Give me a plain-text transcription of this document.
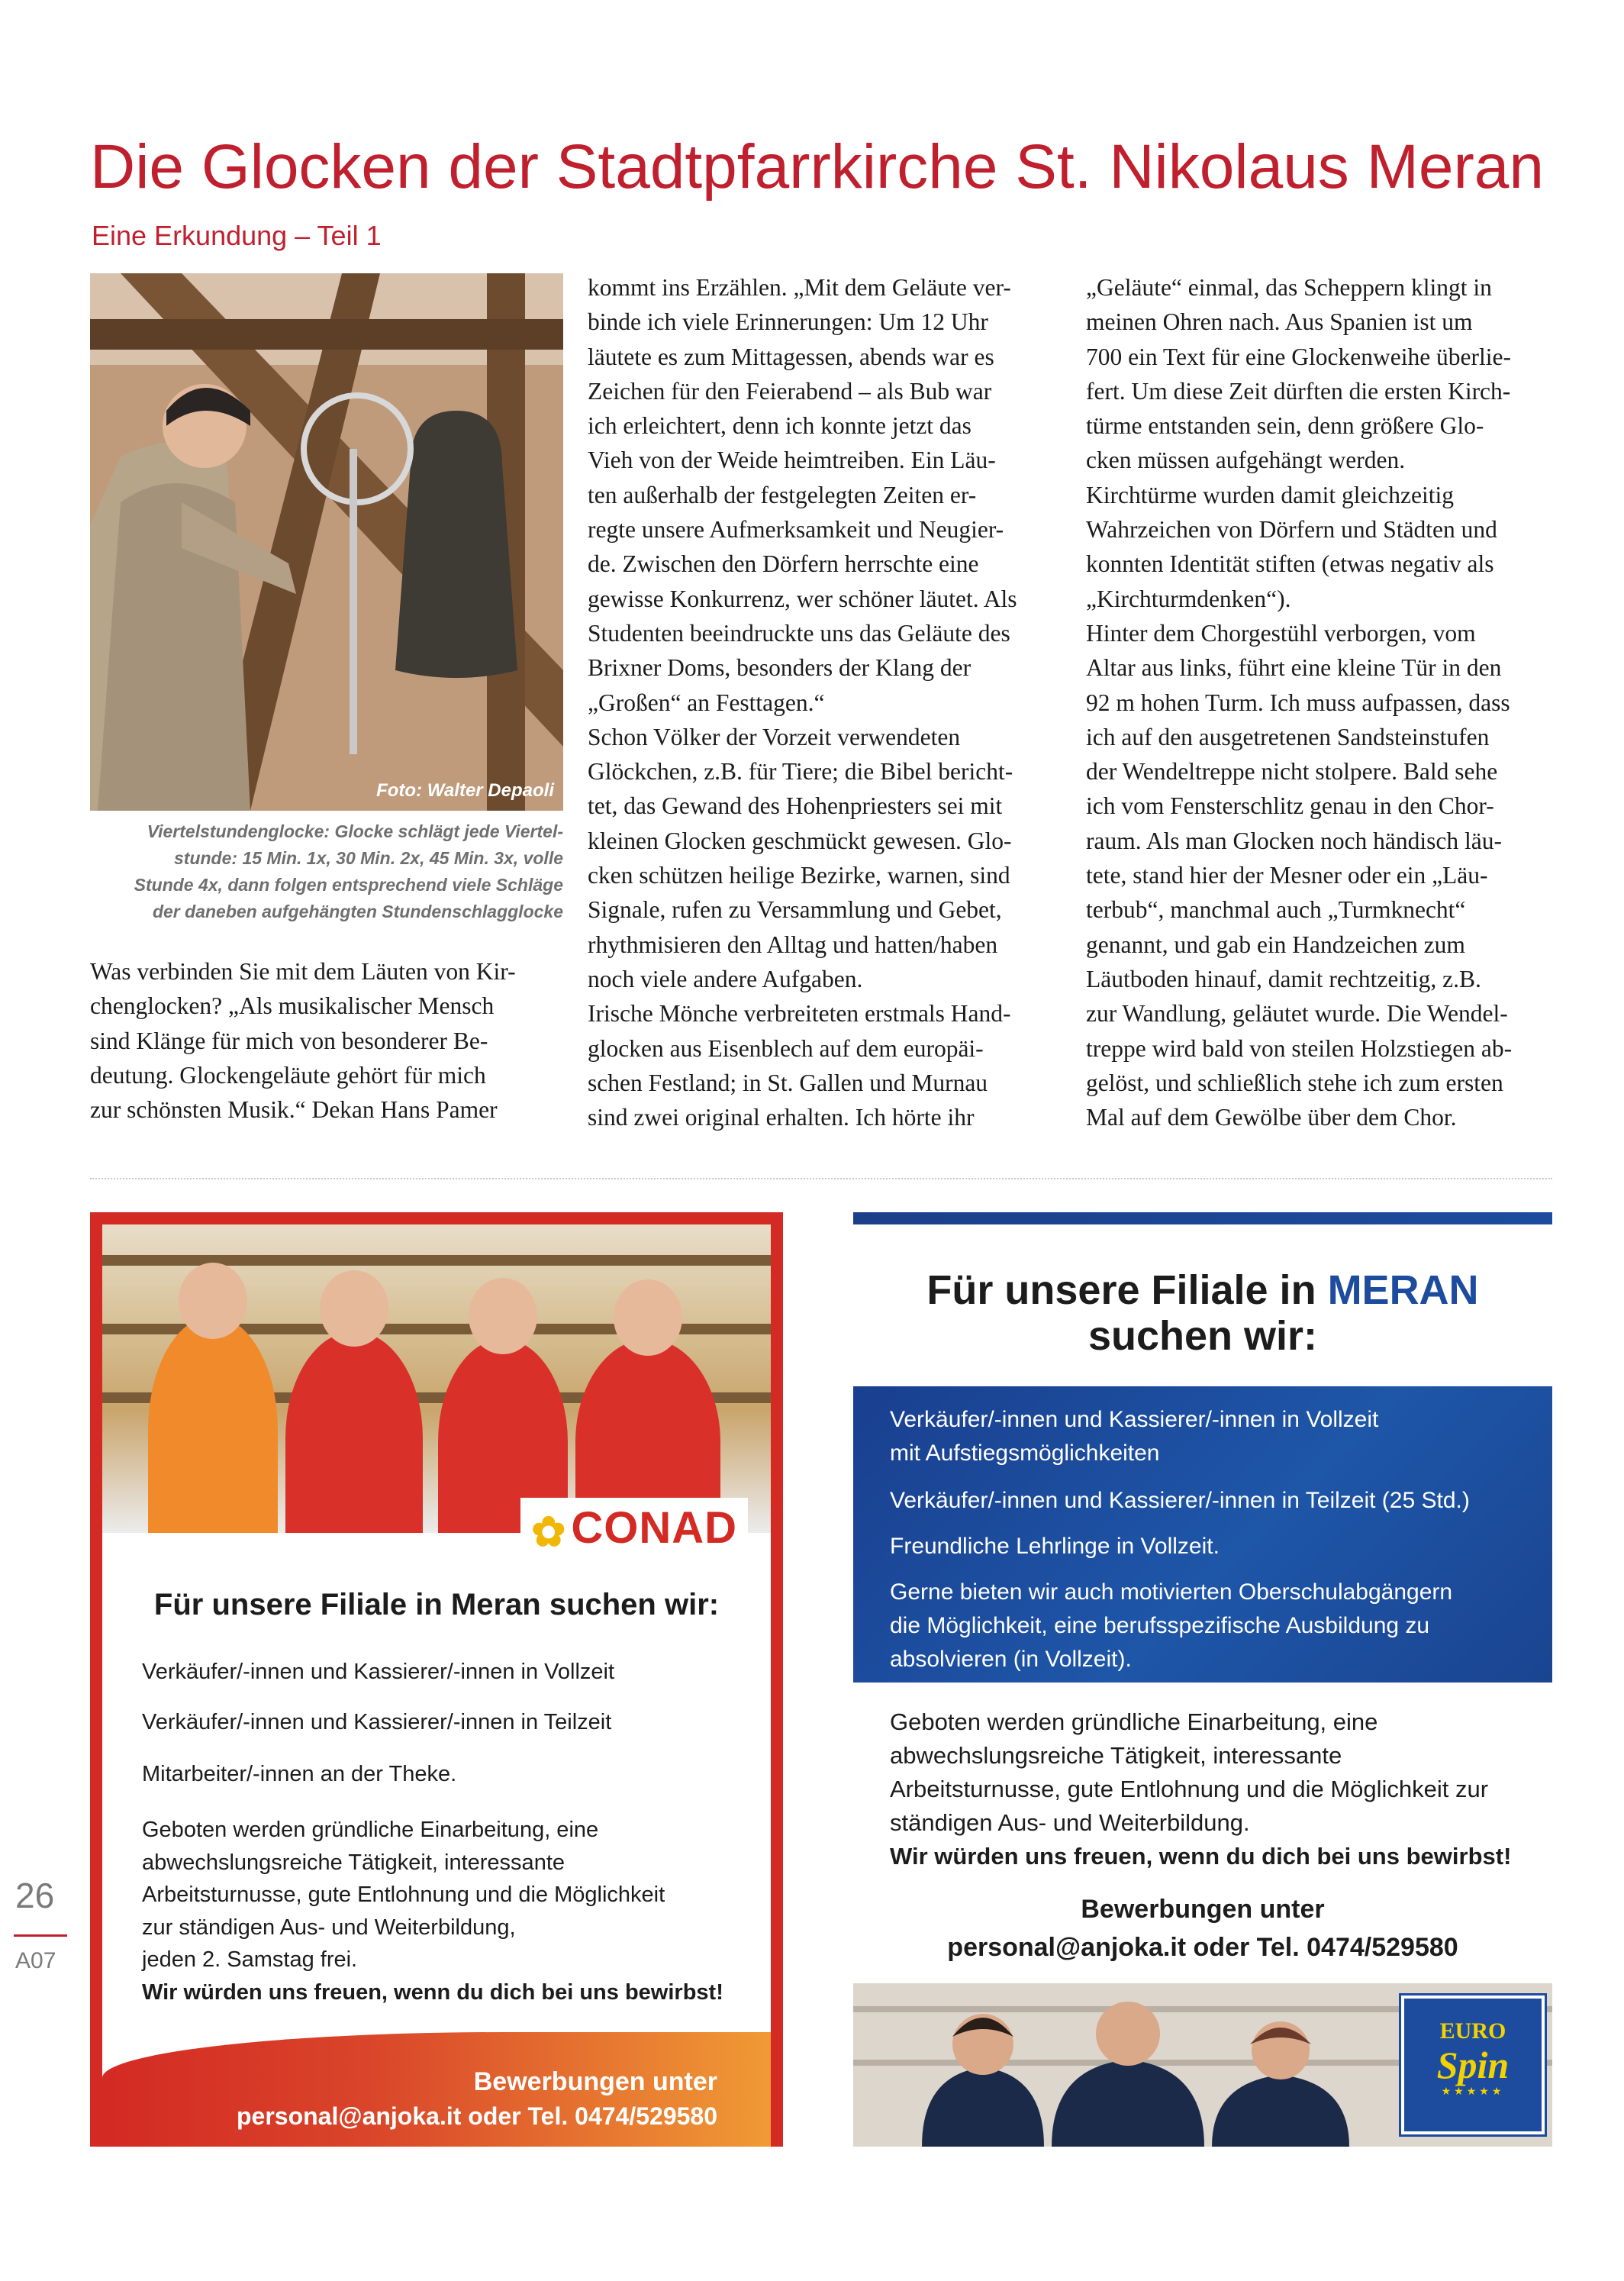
Die Glocken der Stadtpfarrkirche St. Nikolaus Meran
Eine Erkundung – Teil 1
Foto: Walter Depaoli
Viertelstundenglocke: Glocke schlägt jede Viertel-
stunde: 15 Min. 1x, 30 Min. 2x, 45 Min. 3x, volle
Stunde 4x, dann folgen entsprechend viele Schläge
der daneben aufgehängten Stundenschlagglocke

Was verbinden Sie mit dem Läuten von Kir-

chenglocken? „Als musikalischer Mensch

sind Klänge für mich von besonderer Be-

deutung. Glockengeläute gehört für mich

zur schönsten Musik.“ Dekan Hans Pamer

kommt ins Erzählen. „Mit dem Geläute ver-

binde ich viele Erinnerungen: Um 12 Uhr

läutete es zum Mittagessen, abends war es

Zeichen für den Feierabend – als Bub war

ich erleichtert, denn ich konnte jetzt das

Vieh von der Weide heimtreiben. Ein Läu-

ten außerhalb der festgelegten Zeiten er-

regte unsere Aufmerksamkeit und Neugier-

de. Zwischen den Dörfern herrschte eine

gewisse Konkurrenz, wer schöner läutet. Als

Studenten beeindruckte uns das Geläute des

Brixner Doms, besonders der Klang der

„Großen“ an Festtagen.“

Schon Völker der Vorzeit verwendeten

Glöckchen, z.B. für Tiere; die Bibel bericht-

tet, das Gewand des Hohenpriesters sei mit

kleinen Glocken geschmückt gewesen. Glo-

cken schützen heilige Bezirke, warnen, sind

Signale, rufen zu Versammlung und Gebet,

rhythmisieren den Alltag und hatten/haben

noch viele andere Aufgaben.

Irische Mönche verbreiteten erstmals Hand-

glocken aus Eisenblech auf dem europäi-

schen Festland; in St. Gallen und Murnau

sind zwei original erhalten. Ich hörte ihr

„Geläute“ einmal, das Scheppern klingt in

meinen Ohren nach. Aus Spanien ist um

700 ein Text für eine Glockenweihe überlie-

fert. Um diese Zeit dürften die ersten Kirch-

türme entstanden sein, denn größere Glo-

cken müssen aufgehängt werden.

Kirchtürme wurden damit gleichzeitig

Wahrzeichen von Dörfern und Städten und

konnten Identität stiften (etwas negativ als

„Kirchturmdenken“).

Hinter dem Chorgestühl verborgen, vom

Altar aus links, führt eine kleine Tür in den

92 m hohen Turm. Ich muss aufpassen, dass

ich auf den ausgetretenen Sandsteinstufen

der Wendeltreppe nicht stolpere. Bald sehe

ich vom Fensterschlitz genau in den Chor-

raum. Als man Glocken noch händisch läu-

tete, stand hier der Mesner oder ein „Läu-

terbub“, manchmal auch „Turmknecht“

genannt, und gab ein Handzeichen zum

Läutboden hinauf, damit rechtzeitig, z.B.

zur Wandlung, geläutet wurde. Die Wendel-

treppe wird bald von steilen Holzstiegen ab-

gelöst, und schließlich stehe ich zum ersten

Mal auf dem Gewölbe über dem Chor.

26
A07
✿ CONAD
Für unsere Filiale in Meran suchen wir:
Verkäufer/-innen und Kassierer/-innen in Vollzeit
Verkäufer/-innen und Kassierer/-innen in Teilzeit
Mitarbeiter/-innen an der Theke.
Geboten werden gründliche Einarbeitung, eine
abwechslungsreiche Tätigkeit, interessante
Arbeitsturnusse, gute Entlohnung und die Möglichkeit
zur ständigen Aus- und Weiterbildung,
jeden 2. Samstag frei.
Wir würden uns freuen, wenn du dich bei uns bewirbst!
Bewerbungen unter
personal@anjoka.it oder Tel. 0474/529580
Für unsere Filiale in MERAN
suchen wir:
Verkäufer/-innen und Kassierer/-innen in Vollzeit
mit Aufstiegsmöglichkeiten
Verkäufer/-innen und Kassierer/-innen in Teilzeit (25 Std.)
Freundliche Lehrlinge in Vollzeit.
Gerne bieten wir auch motivierten Oberschulabgängern
die Möglichkeit, eine berufsspezifische Ausbildung zu
absolvieren (in Vollzeit).
Geboten werden gründliche Einarbeitung, eine
abwechslungsreiche Tätigkeit, interessante
Arbeitsturnusse, gute Entlohnung und die Möglichkeit zur
ständigen Aus- und Weiterbildung.
Wir würden uns freuen, wenn du dich bei uns bewirbst!
Bewerbungen unter
personal@anjoka.it oder Tel. 0474/529580
EURO
Spin
★★★★★
